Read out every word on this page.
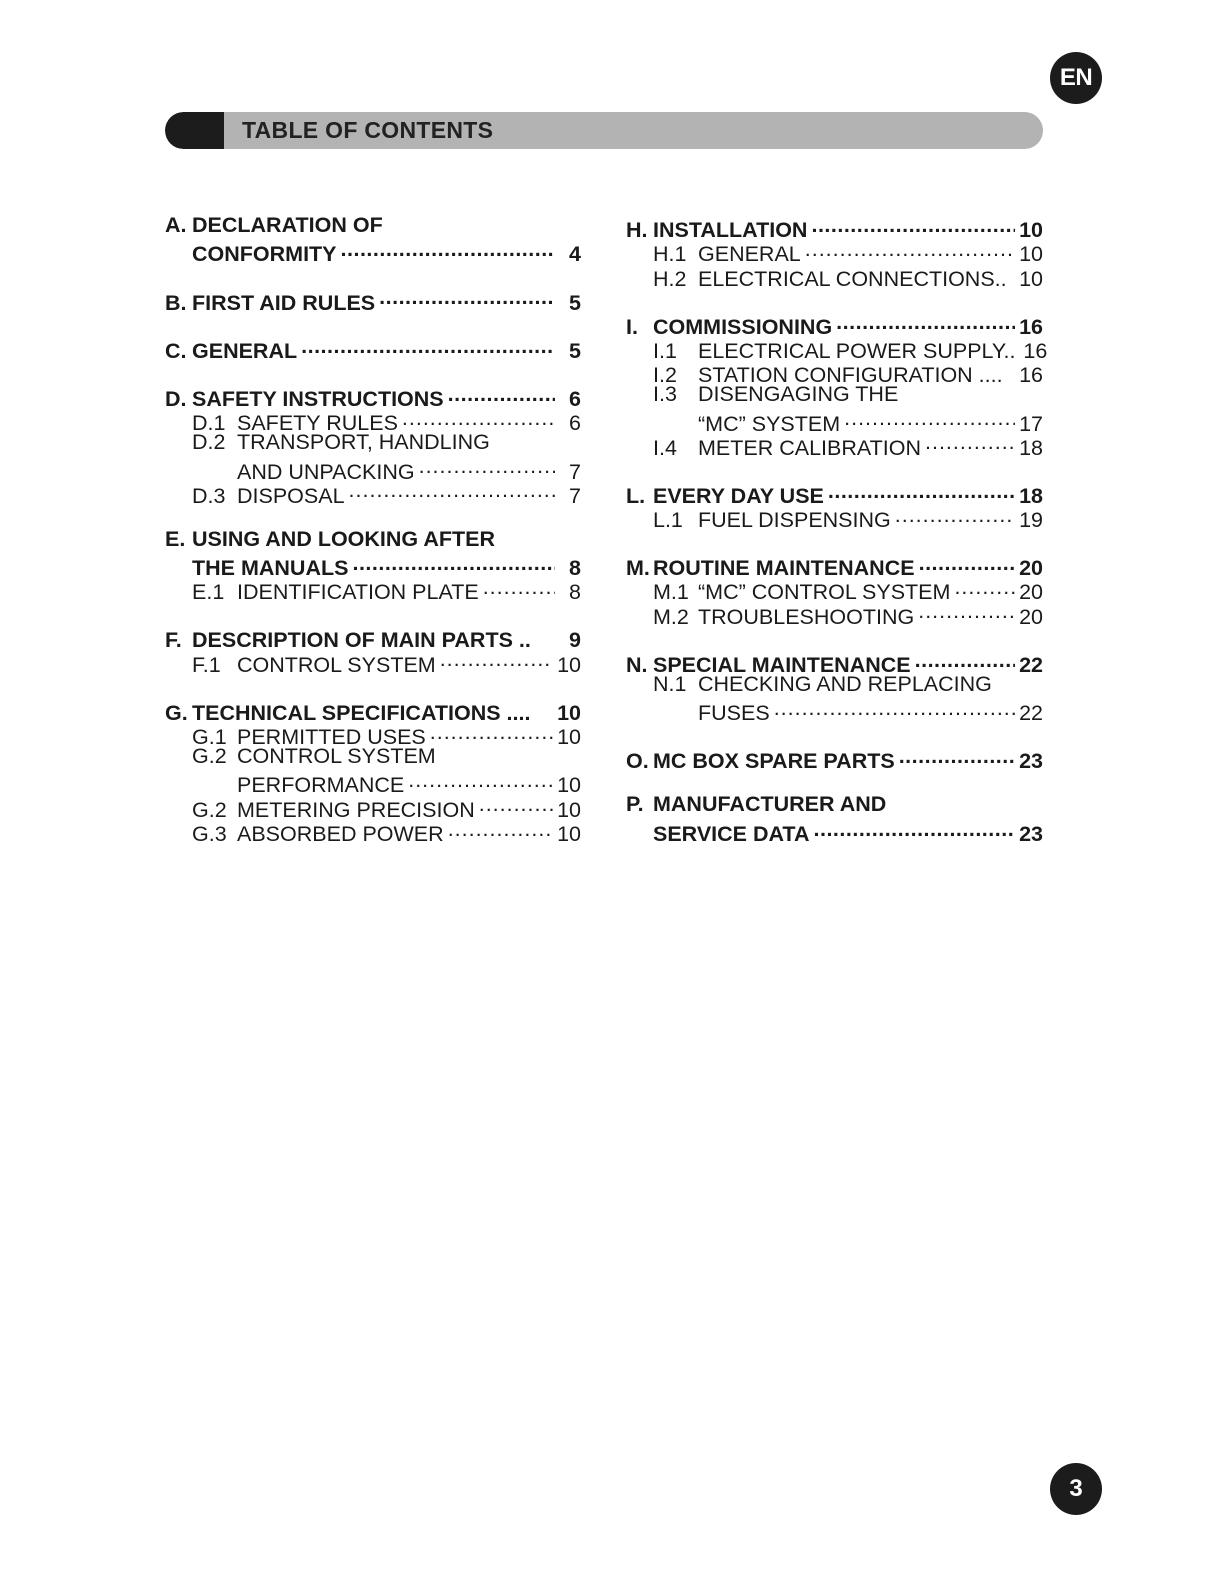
EN
TABLE OF CONTENTS
A. DECLARATION OF
CONFORMITY .....	4
B. FIRST AID RULES .....	5
C. GENERAL .....	5
D. SAFETY INSTRUCTIONS .....	6
D.1 SAFETY RULES .....	6
D.2 TRANSPORT, HANDLING
AND UNPACKING .....	7
D.3 DISPOSAL .....	7
E. USING AND LOOKING AFTER
THE MANUALS .....	8
E.1 IDENTIFICATION PLATE .....	8
F. DESCRIPTION OF MAIN PARTS ..	9
F.1 CONTROL SYSTEM .....	10
G. TECHNICAL SPECIFICATIONS .... 10
G.1 PERMITTED USES .....	10
G.2 CONTROL SYSTEM
PERFORMANCE .....	10
G.2 METERING PRECISION .....	10
G.3 ABSORBED POWER .....	10
H. INSTALLATION .....	10
H.1 GENERAL .....	10
H.2 ELECTRICAL CONNECTIONS.. 10
I. COMMISSIONING .....	16
I.1 ELECTRICAL POWER SUPPLY.. 16
I.2 STATION CONFIGURATION .... 16
I.3 DISENGAGING THE
“MC” SYSTEM .....	17
I.4 METER CALIBRATION .....	18
L. EVERY DAY USE .....	18
L.1 FUEL DISPENSING .....	19
M. ROUTINE MAINTENANCE .....	20
M.1 “MC” CONTROL SYSTEM .....	20
M.2 TROUBLESHOOTING .....	20
N. SPECIAL MAINTENANCE .....	22
N.1 CHECKING AND REPLACING
FUSES .....	22
O. MC BOX SPARE PARTS .....	23
P. MANUFACTURER AND
SERVICE DATA .....	23
3
